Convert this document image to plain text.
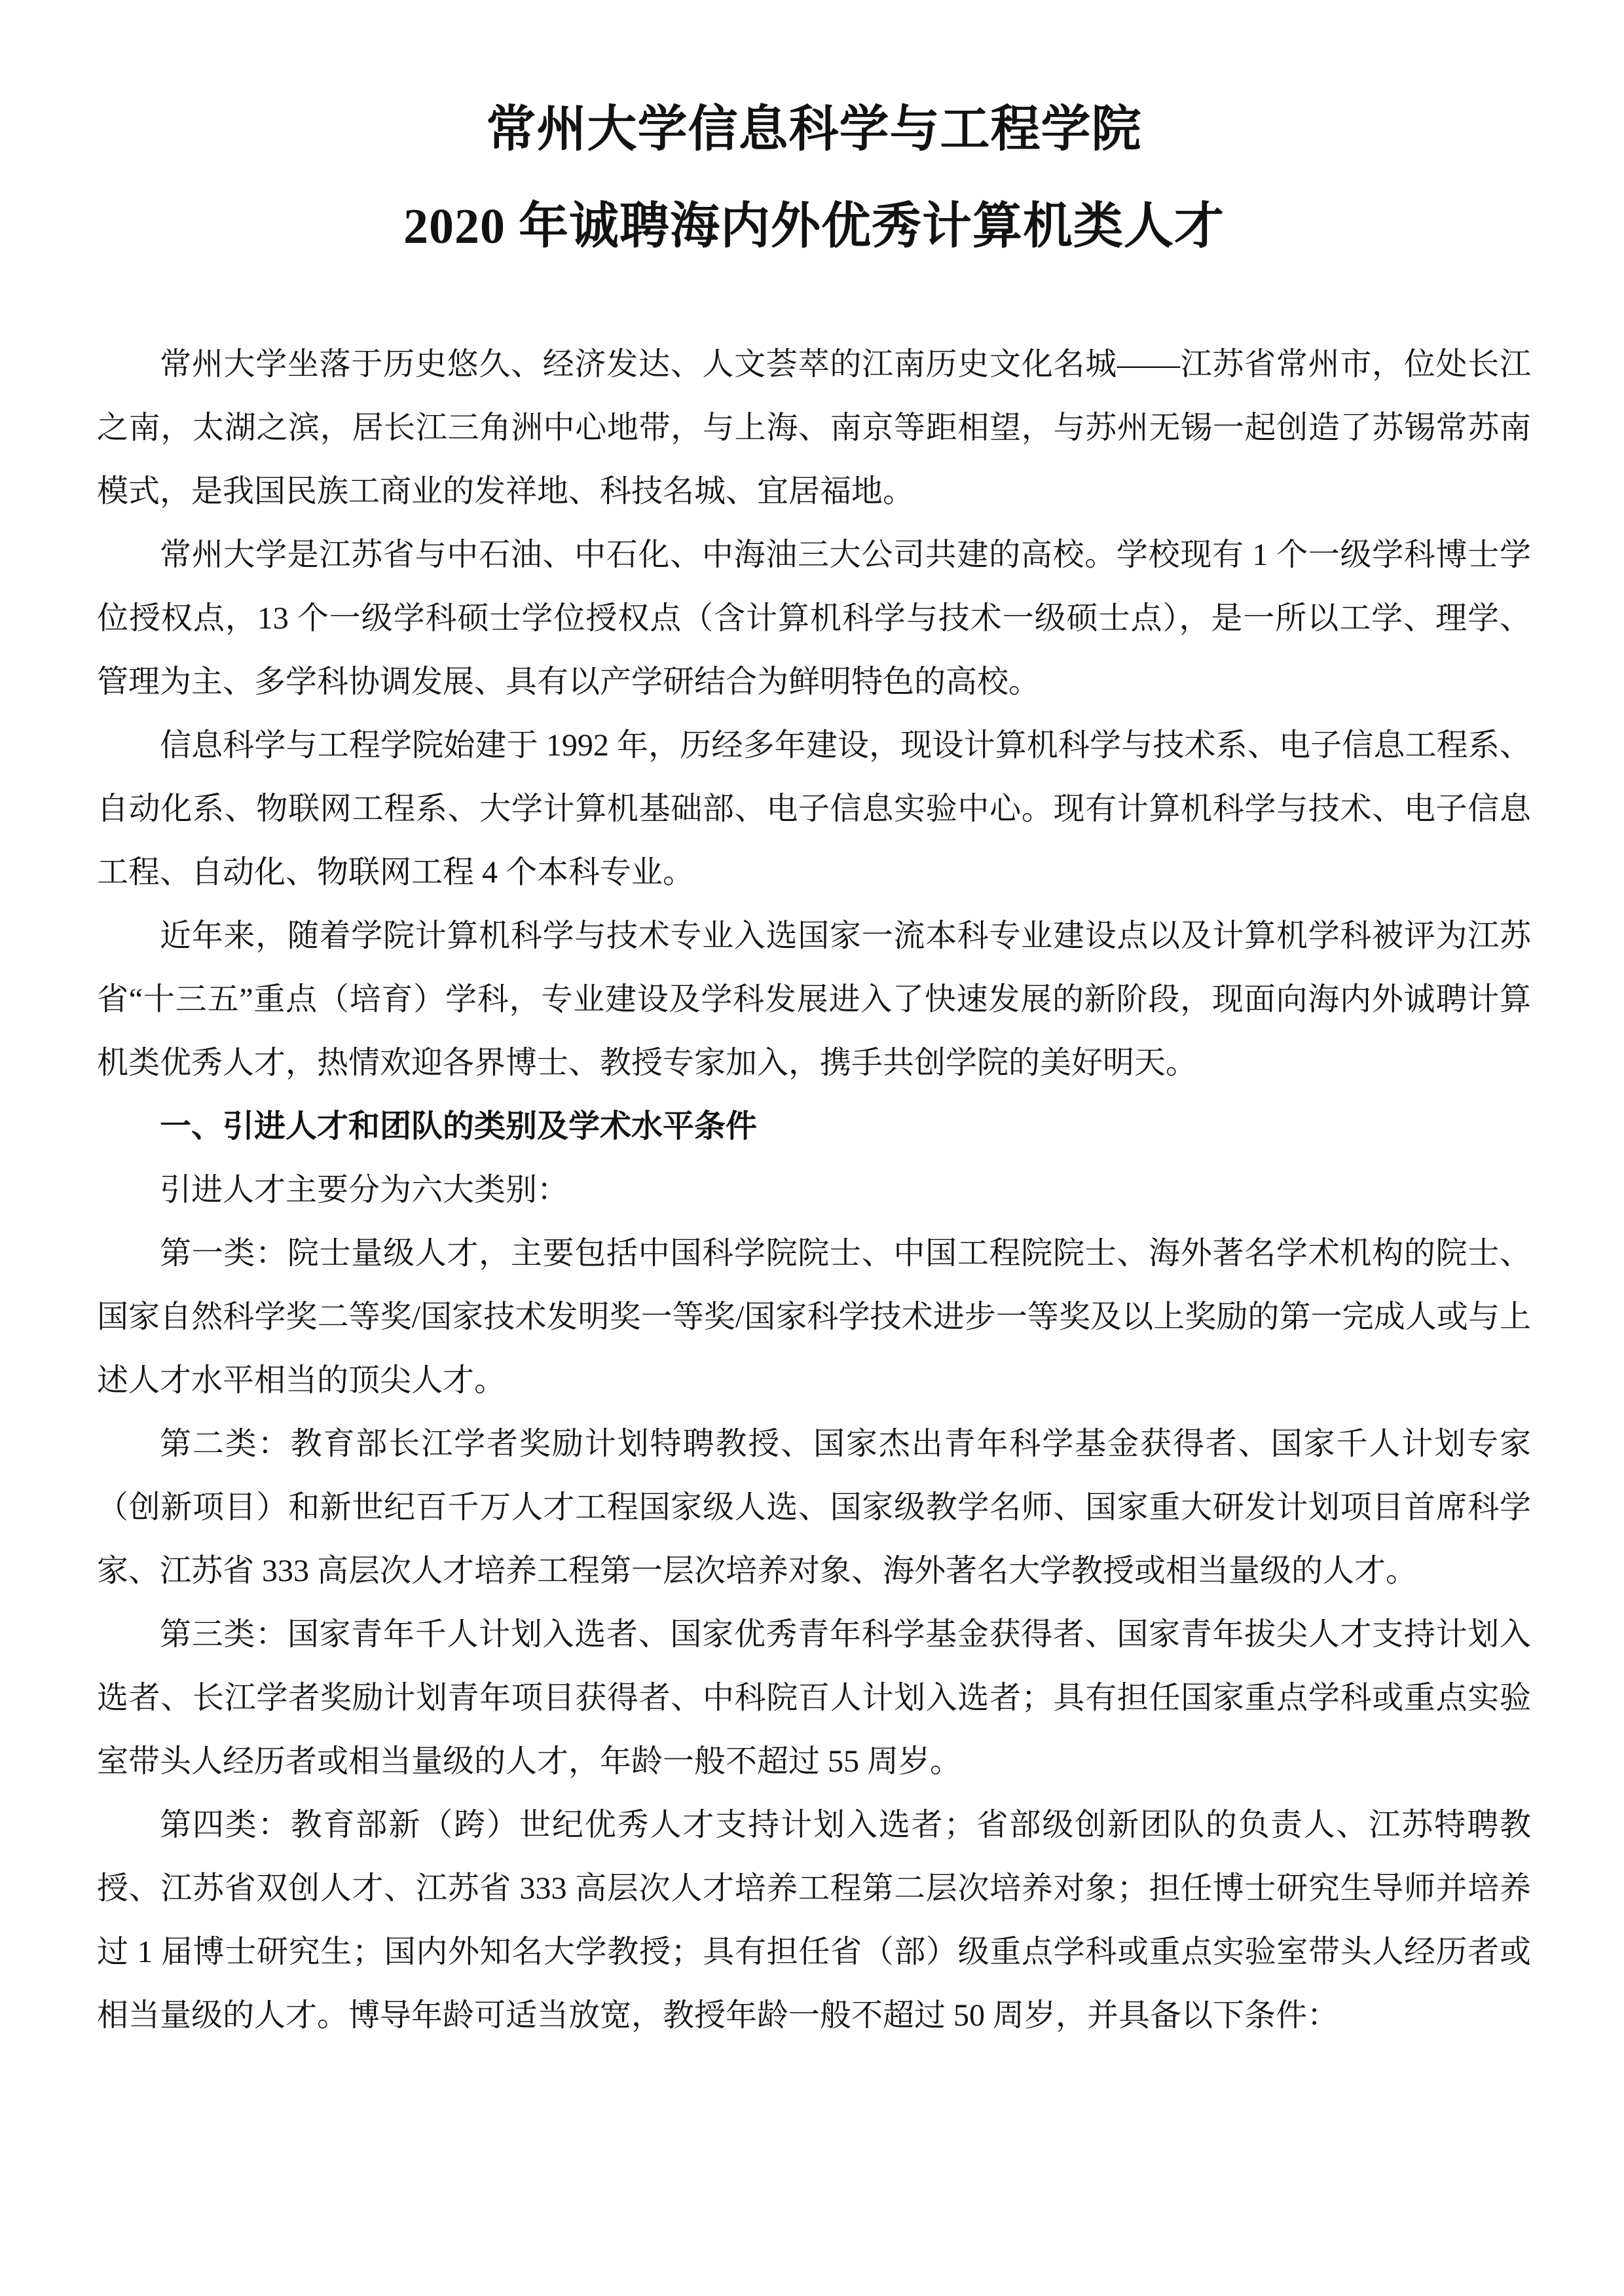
常州大学信息科学与工程学院
2020 年诚聘海内外优秀计算机类人才

常州大学坐落于历史悠久、经济发达、人文荟萃的江南历史文化名城——江苏省常州市，位处长江之南，太湖之滨，居长江三角洲中心地带，与上海、南京等距相望，与苏州无锡一起创造了苏锡常苏南模式，是我国民族工商业的发祥地、科技名城、宜居福地。

常州大学是江苏省与中石油、中石化、中海油三大公司共建的高校。学校现有 1 个一级学科博士学位授权点，13 个一级学科硕士学位授权点（含计算机科学与技术一级硕士点），是一所以工学、理学、管理为主、多学科协调发展、具有以产学研结合为鲜明特色的高校。

信息科学与工程学院始建于 1992 年，历经多年建设，现设计算机科学与技术系、电子信息工程系、自动化系、物联网工程系、大学计算机基础部、电子信息实验中心。现有计算机科学与技术、电子信息工程、自动化、物联网工程 4 个本科专业。

近年来，随着学院计算机科学与技术专业入选国家一流本科专业建设点以及计算机学科被评为江苏省“十三五”重点（培育）学科，专业建设及学科发展进入了快速发展的新阶段，现面向海内外诚聘计算机类优秀人才，热情欢迎各界博士、教授专家加入，携手共创学院的美好明天。

一、引进人才和团队的类别及学术水平条件

引进人才主要分为六大类别：

第一类：院士量级人才，主要包括中国科学院院士、中国工程院院士、海外著名学术机构的院士、国家自然科学奖二等奖/国家技术发明奖一等奖/国家科学技术进步一等奖及以上奖励的第一完成人或与上述人才水平相当的顶尖人才。

第二类：教育部长江学者奖励计划特聘教授、国家杰出青年科学基金获得者、国家千人计划专家（创新项目）和新世纪百千万人才工程国家级人选、国家级教学名师、国家重大研发计划项目首席科学家、江苏省 333 高层次人才培养工程第一层次培养对象、海外著名大学教授或相当量级的人才。

第三类：国家青年千人计划入选者、国家优秀青年科学基金获得者、国家青年拔尖人才支持计划入选者、长江学者奖励计划青年项目获得者、中科院百人计划入选者；具有担任国家重点学科或重点实验室带头人经历者或相当量级的人才，年龄一般不超过 55 周岁。

第四类：教育部新（跨）世纪优秀人才支持计划入选者；省部级创新团队的负责人、江苏特聘教授、江苏省双创人才、江苏省 333 高层次人才培养工程第二层次培养对象；担任博士研究生导师并培养过 1 届博士研究生；国内外知名大学教授；具有担任省（部）级重点学科或重点实验室带头人经历者或相当量级的人才。博导年龄可适当放宽，教授年龄一般不超过 50 周岁，并具备以下条件：
